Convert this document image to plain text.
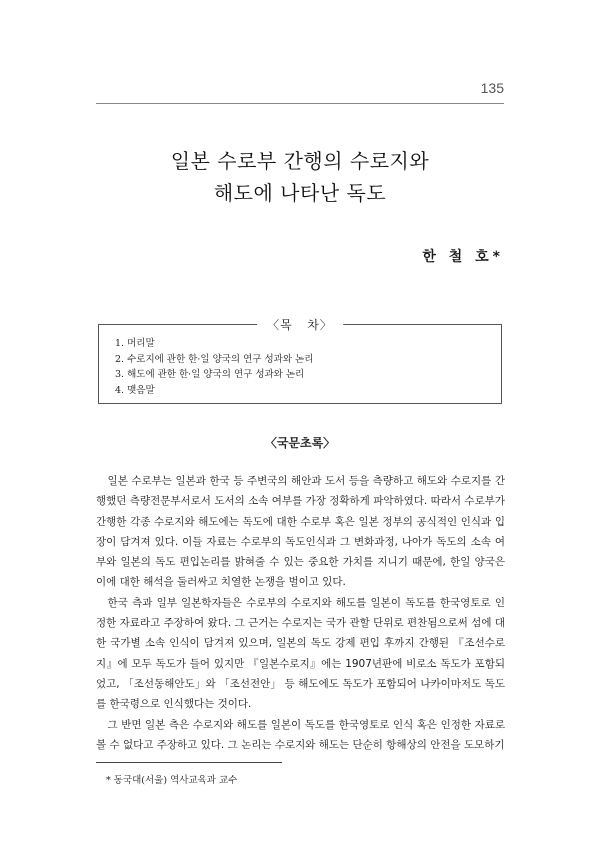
135
일본 수로부 간행의 수로지와
해도에 나타난 독도
한 철 호*
〈목   차〉
1. 머리말
2. 수로지에 관한 한·일 양국의 연구 성과와 논리
3. 해도에 관한 한·일 양국의 연구 성과와 논리
4. 맺음말
〈국문초록〉

일본 수로부는 일본과 한국 등 주변국의 해안과 도서 등을 측량하고 해도와 수로지를 간행했던 측량전문부서로서 도서의 소속 여부를 가장 정확하게 파악하였다. 따라서 수로부가 간행한 각종 수로지와 해도에는 독도에 대한 수로부 혹은 일본 정부의 공식적인 인식과 입장이 담겨져 있다. 이들 자료는 수로부의 독도인식과 그 변화과정, 나아가 독도의 소속 여부와 일본의 독도 편입논리를 밝혀줄 수 있는 중요한 가치를 지니기 때문에, 한일 양국은 이에 대한 해석을 둘러싸고 치열한 논쟁을 벌이고 있다.

한국 측과 일부 일본학자들은 수로부의 수로지와 해도를 일본이 독도를 한국영토로 인정한 자료라고 주장하여 왔다. 그 근거는 수로지는 국가 관할 단위로 편찬됨으로써 섬에 대한 국가별 소속 인식이 담겨져 있으며, 일본의 독도 강제 편입 후까지 간행된 『조선수로지』에 모두 독도가 들어 있지만 『일본수로지』에는 1907년판에 비로소 독도가 포함되었고, 「조선동해안도」와 「조선전안」 등 해도에도 독도가 포함되어 나카이마저도 독도를 한국령으로 인식했다는 것이다.

그 반면 일본 측은 수로지와 해도를 일본이 독도를 한국영토로 인식 혹은 인정한 자료로 볼 수 없다고 주장하고 있다. 그 논리는 수로지와 해도는 단순히 항해상의 안전을 도모하기

* 동국대(서울) 역사교육과 교수
